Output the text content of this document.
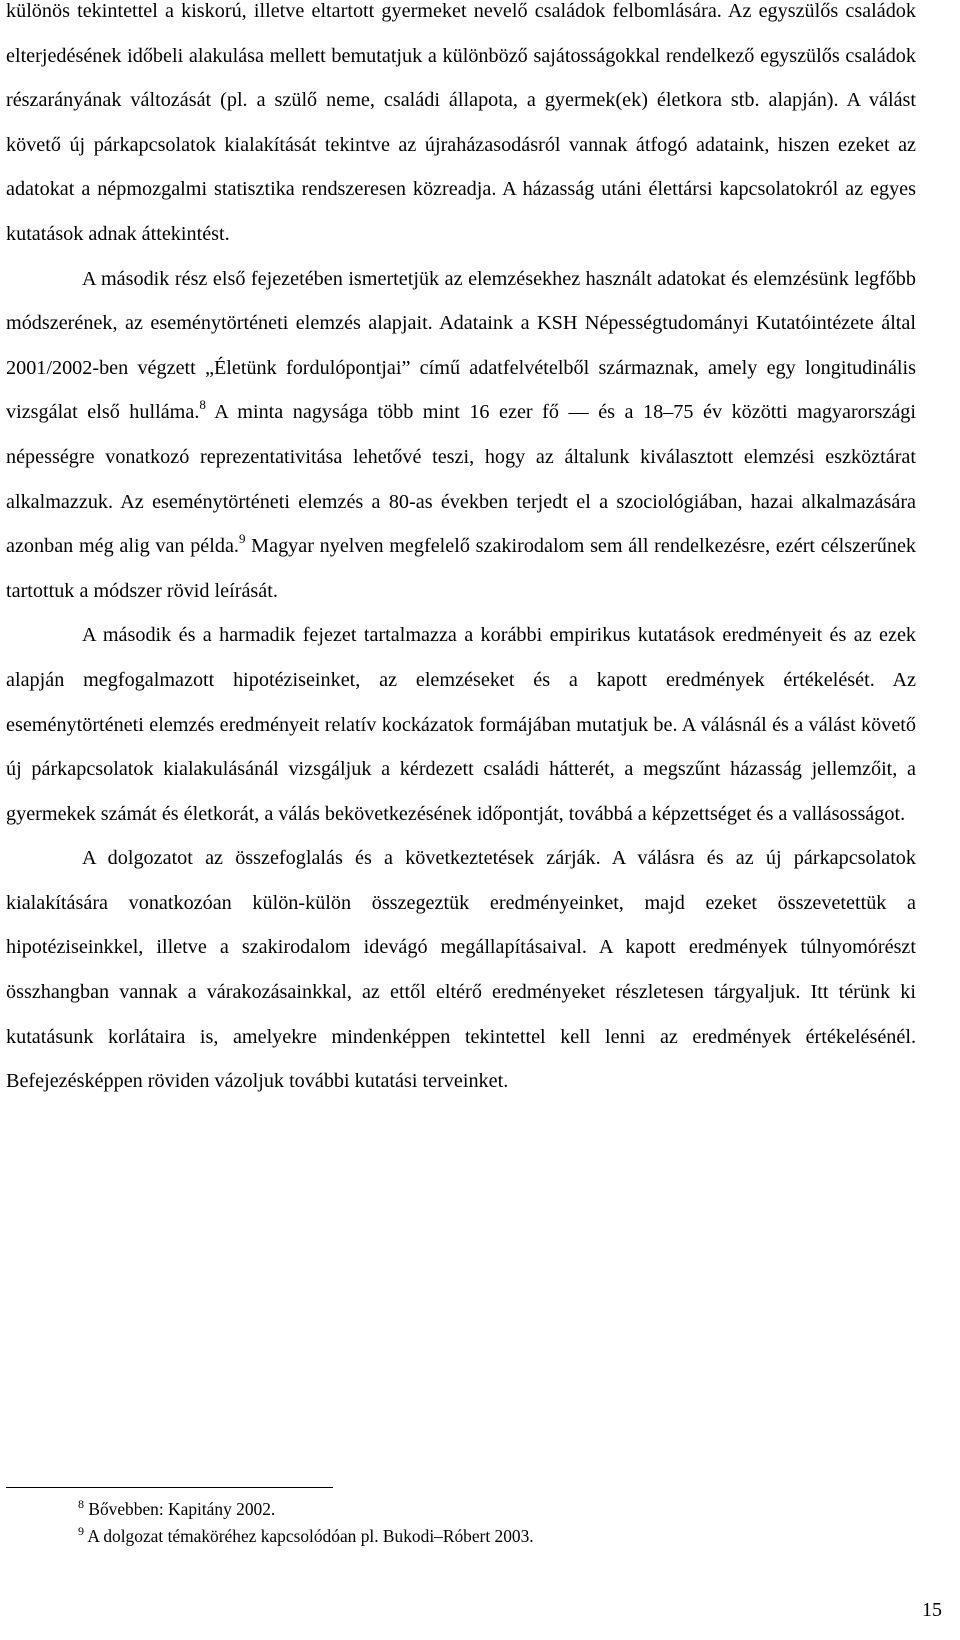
különös tekintettel a kiskorú, illetve eltartott gyermeket nevelő családok felbomlására. Az egyszülős családok elterjedésének időbeli alakulása mellett bemutatjuk a különböző sajátosságokkal rendelkező egyszülős családok részarányának változását (pl. a szülő neme, családi állapota, a gyermek(ek) életkora stb. alapján). A válást követő új párkapcsolatok kialakítását tekintve az újraházasodásról vannak átfogó adataink, hiszen ezeket az adatokat a népmozgalmi statisztika rendszeresen közreadja. A házasság utáni élettársi kapcsolatokról az egyes kutatások adnak áttekintést.

A második rész első fejezetében ismertetjük az elemzésekhez használt adatokat és elemzésünk legfőbb módszerének, az eseménytörténeti elemzés alapjait. Adataink a KSH Népességtudományi Kutatóintézete által 2001/2002-ben végzett „Életünk fordulópontjai” című adatfelvételből származnak, amely egy longitudinális vizsgálat első hulláma.$^8$ A minta nagysága több mint 16 ezer fő — és a 18–75 év közötti magyarországi népességre vonatkozó reprezentativitása lehetővé teszi, hogy az általunk kiválasztott elemzési eszköztárat alkalmazzuk. Az eseménytörténeti elemzés a 80-as években terjedt el a szociológiában, hazai alkalmazására azonban még alig van példa.$^9$ Magyar nyelven megfelelő szakirodalom sem áll rendelkezésre, ezért célszerűnek tartottuk a módszer rövid leírását.

A második és a harmadik fejezet tartalmazza a korábbi empirikus kutatások eredményeit és az ezek alapján megfogalmazott hipotéziseinket, az elemzéseket és a kapott eredmények értékelését. Az eseménytörténeti elemzés eredményeit relatív kockázatok formájában mutatjuk be. A válásnál és a válást követő új párkapcsolatok kialakulásánál vizsgáljuk a kérdezett családi hátterét, a megszűnt házasság jellemzőit, a gyermekek számát és életkorát, a válás bekövetkezésének időpontját, továbbá a képzettséget és a vallásosságot.

A dolgozatot az összefoglalás és a következtetések zárják. A válásra és az új párkapcsolatok kialakítására vonatkozóan külön-külön összegeztük eredményeinket, majd ezeket összevetettük a hipotéziseinkkel, illetve a szakirodalom idevágó megállapításaival. A kapott eredmények túlnyomórészt összhangban vannak a várakozásainkkal, az ettől eltérő eredményeket részletesen tárgyaljuk. Itt térünk ki kutatásunk korlátaira is, amelyekre mindenképpen tekintettel kell lenni az eredmények értékelésénél. Befejezésképpen röviden vázoljuk további kutatási terveinket.

$^8$ Bővebben: Kapitány 2002.

$^9$ A dolgozat témaköréhez kapcsolódóan pl. Bukodi–Róbert 2003.

15
